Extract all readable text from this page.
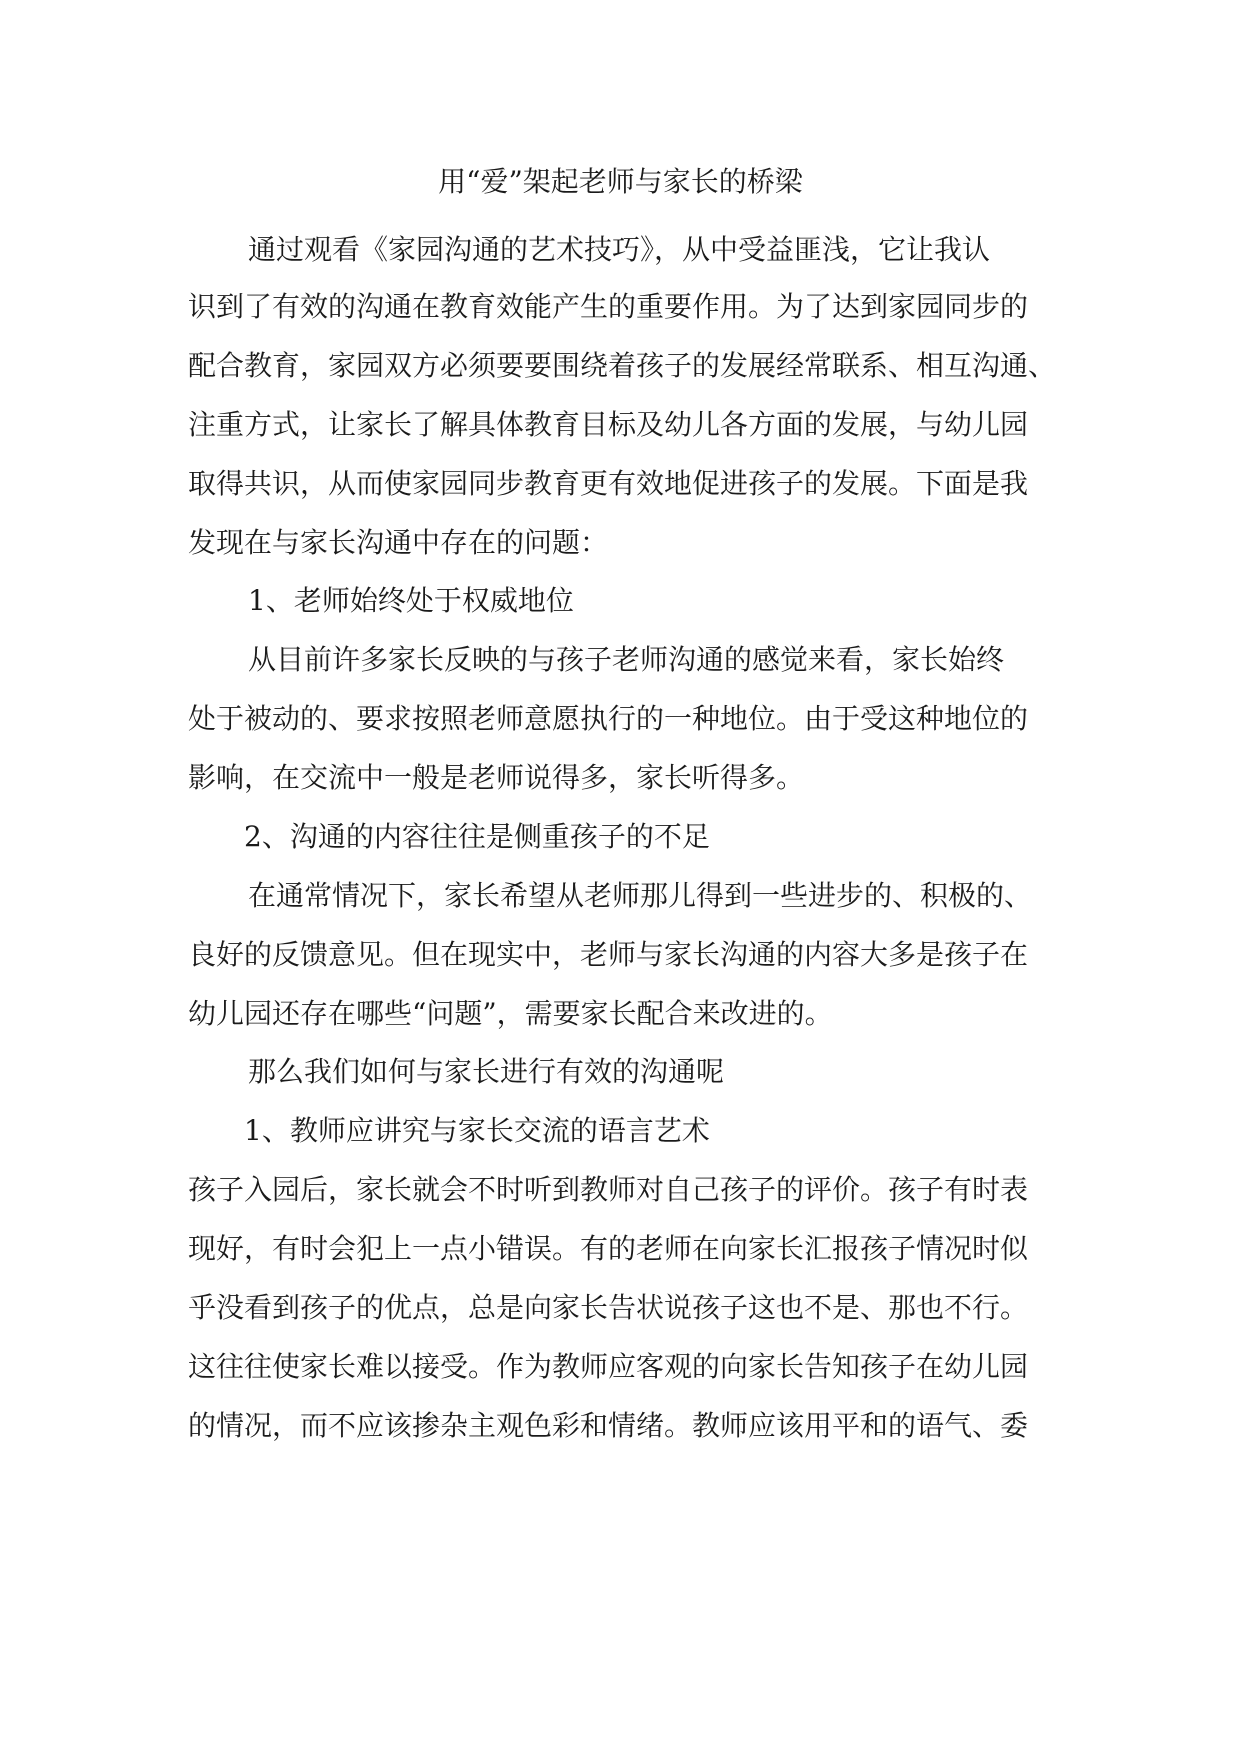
用“爱”架起老师与家长的桥梁
通过观看《家园沟通的艺术技巧》，从中受益匪浅，它让我认
识到了有效的沟通在教育效能产生的重要作用。为了达到家园同步的
配合教育，家园双方必须要要围绕着孩子的发展经常联系、相互沟通、
注重方式，让家长了解具体教育目标及幼儿各方面的发展，与幼儿园
取得共识，从而使家园同步教育更有效地促进孩子的发展。下面是我
发现在与家长沟通中存在的问题：
1、老师始终处于权威地位
从目前许多家长反映的与孩子老师沟通的感觉来看，家长始终
处于被动的、要求按照老师意愿执行的一种地位。由于受这种地位的
影响，在交流中一般是老师说得多，家长听得多。
2、沟通的内容往往是侧重孩子的不足
在通常情况下，家长希望从老师那儿得到一些进步的、积极的、
良好的反馈意见。但在现实中，老师与家长沟通的内容大多是孩子在
幼儿园还存在哪些“问题”，需要家长配合来改进的。
那么我们如何与家长进行有效的沟通呢
1、教师应讲究与家长交流的语言艺术
孩子入园后，家长就会不时听到教师对自己孩子的评价。孩子有时表
现好，有时会犯上一点小错误。有的老师在向家长汇报孩子情况时似
乎没看到孩子的优点，总是向家长告状说孩子这也不是、那也不行。
这往往使家长难以接受。作为教师应客观的向家长告知孩子在幼儿园
的情况，而不应该掺杂主观色彩和情绪。教师应该用平和的语气、委
